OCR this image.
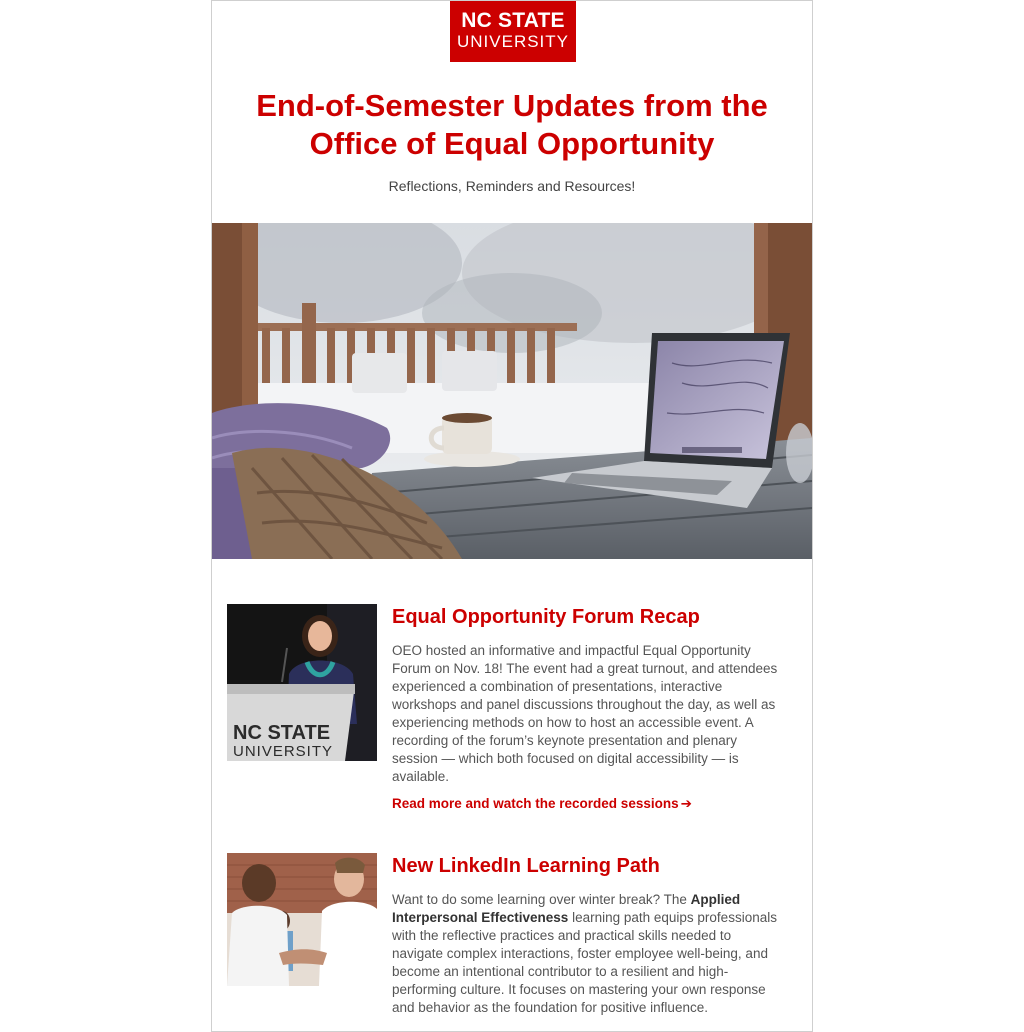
NC STATE
UNIVERSITY
End-of-Semester Updates from the Office of Equal Opportunity
Reflections, Reminders and Resources!
NC STATE
UNIVERSITY
Equal Opportunity Forum Recap

OEO hosted an informative and impactful Equal Opportunity Forum on Nov. 18! The event had a great turnout, and attendees experienced a combination of presentations, interactive workshops and panel discussions throughout the day, as well as experiencing methods on how to host an accessible event. A recording of the forum’s keynote presentation and plenary session — which both focused on digital accessibility — is available.

Read more and watch the recorded sessions ➔
New LinkedIn Learning Path

Want to do some learning over winter break? The Applied Interpersonal Effectiveness learning path equips professionals with the reflective practices and practical skills needed to navigate complex interactions, foster employee well-being, and become an intentional contributor to a resilient and high-performing culture. It focuses on mastering your own response and behavior as the foundation for positive influence.
